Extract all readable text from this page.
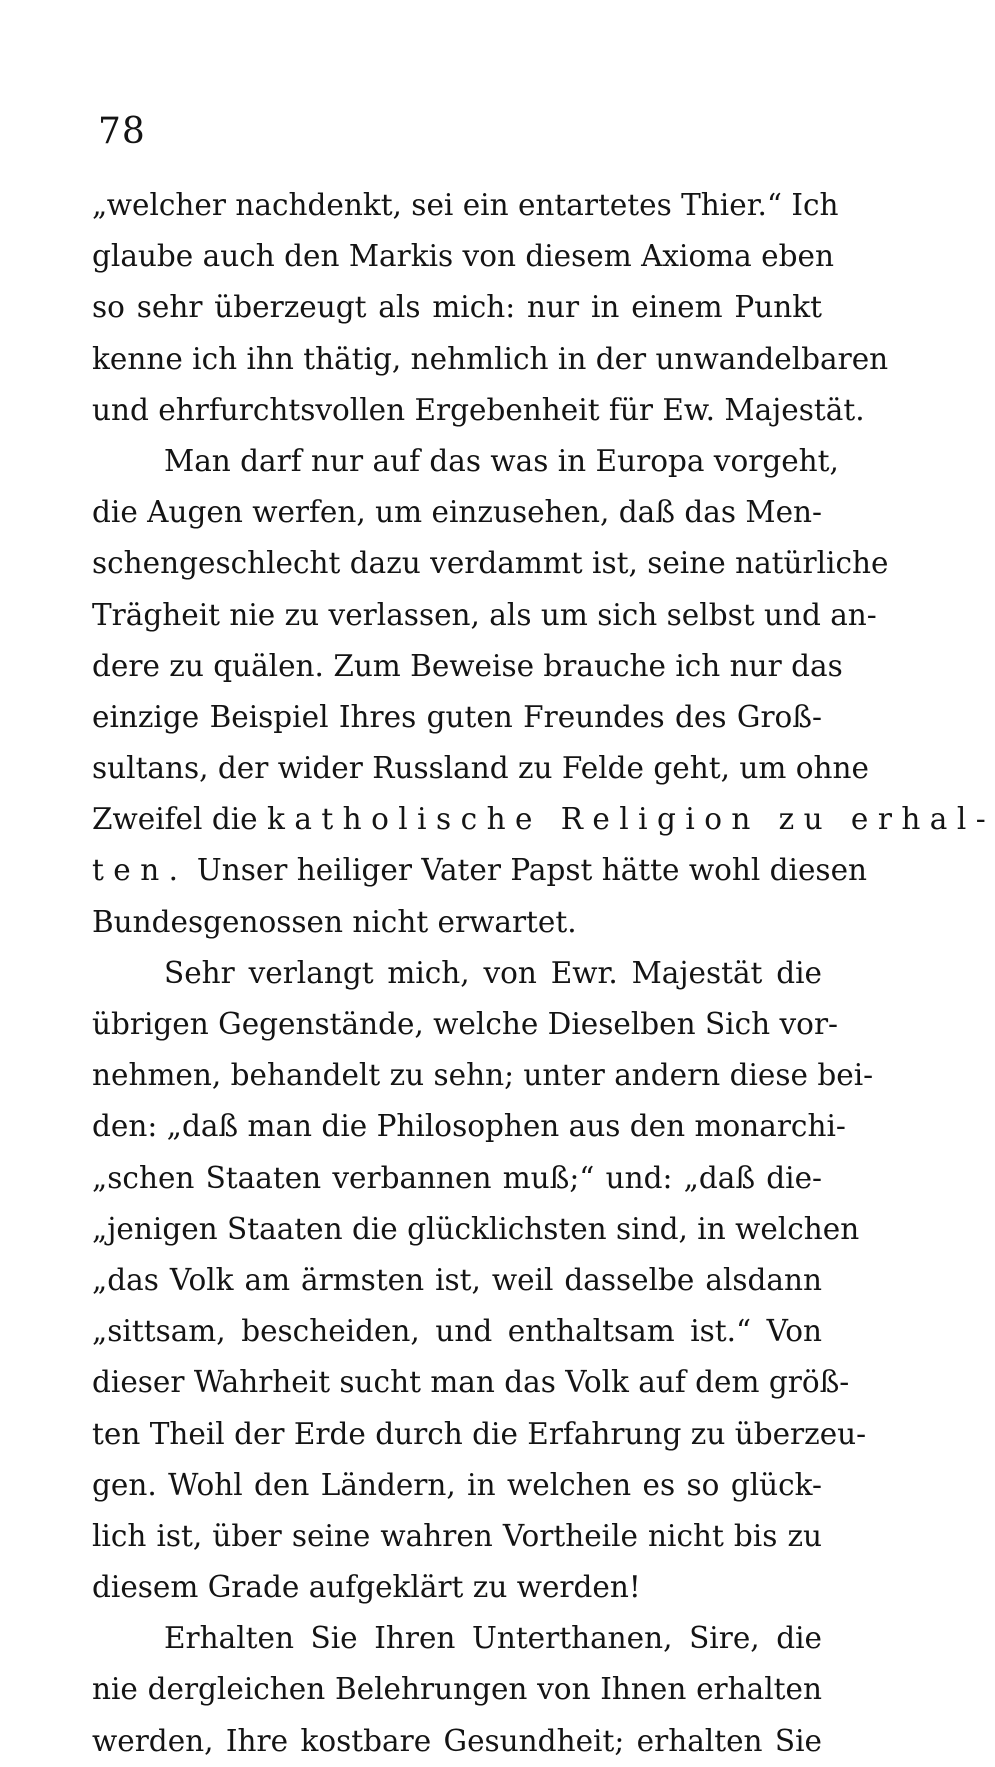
78
„welcher nachdenkt, sei ein entartetes Thier.“ Ich
glaube auch den Markis von diesem Axioma eben
so sehr überzeugt als mich: nur in einem Punkt
kenne ich ihn thätig, nehmlich in der unwandelbaren
und ehrfurchtsvollen Ergebenheit für Ew. Majestät.
Man darf nur auf das was in Europa vorgeht,
die Augen werfen, um einzusehen, daß das Men-
schengeschlecht dazu verdammt ist, seine natürliche
Trägheit nie zu verlassen, als um sich selbst und an-
dere zu quälen. Zum Beweise brauche ich nur das
einzige Beispiel Ihres guten Freundes des Groß-
sultans, der wider Russland zu Felde geht, um ohne
Zweifel die katholische Religion zu erhal-
ten. Unser heiliger Vater Papst hätte wohl diesen
Bundesgenossen nicht erwartet.
Sehr verlangt mich, von Ewr. Majestät die
übrigen Gegenstände, welche Dieselben Sich vor-
nehmen, behandelt zu sehn; unter andern diese bei-
den: „daß man die Philosophen aus den monarchi-
„schen Staaten verbannen muß;“ und: „daß die-
„jenigen Staaten die glücklichsten sind, in welchen
„das Volk am ärmsten ist, weil dasselbe alsdann
„sittsam, bescheiden, und enthaltsam ist.“ Von
dieser Wahrheit sucht man das Volk auf dem größ-
ten Theil der Erde durch die Erfahrung zu überzeu-
gen. Wohl den Ländern, in welchen es so glück-
lich ist, über seine wahren Vortheile nicht bis zu
diesem Grade aufgeklärt zu werden!
Erhalten Sie Ihren Unterthanen, Sire, die
nie dergleichen Belehrungen von Ihnen erhalten
werden, Ihre kostbare Gesundheit; erhalten Sie
